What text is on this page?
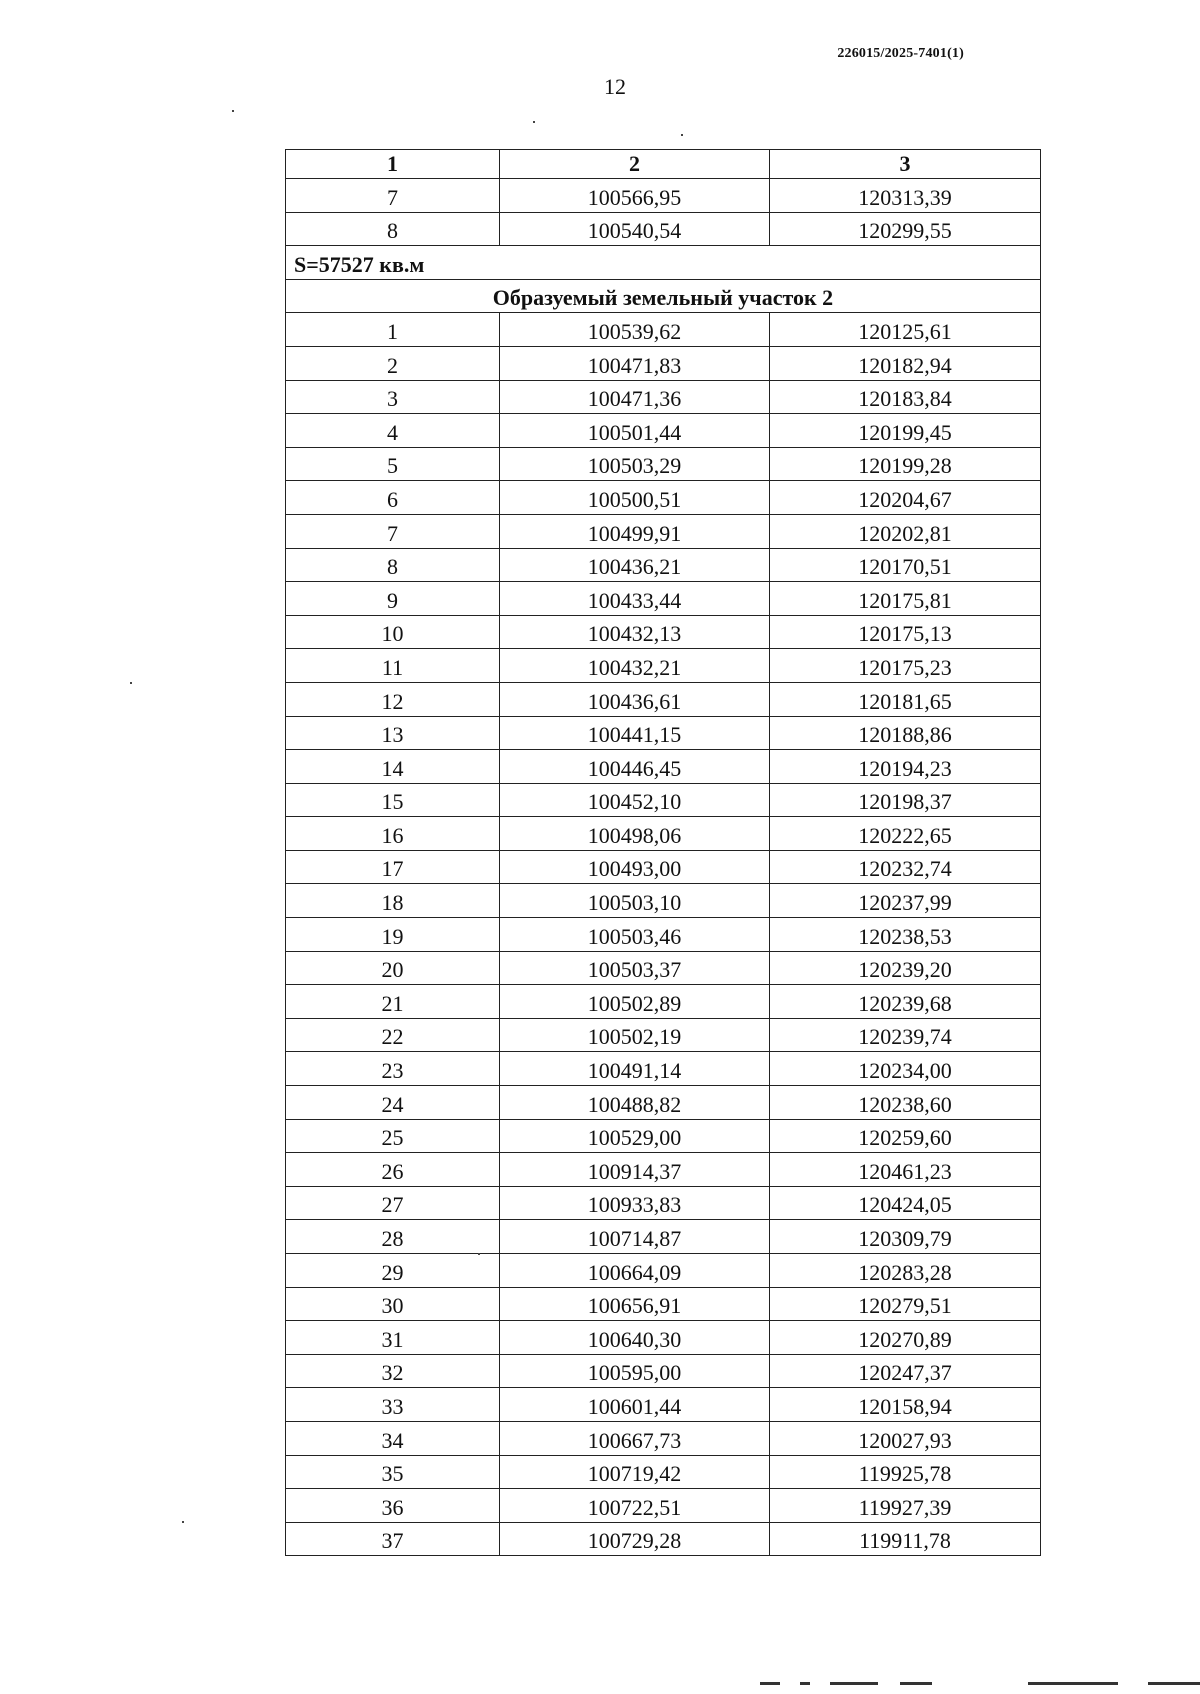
226015/2025-7401(1)
12
1	2	3
7	100566,95	120313,39
8	100540,54	120299,55
S=57527 кв.м		
Образуемый земельный участок 2		
1	100539,62	120125,61
2	100471,83	120182,94
3	100471,36	120183,84
4	100501,44	120199,45
5	100503,29	120199,28
6	100500,51	120204,67
7	100499,91	120202,81
8	100436,21	120170,51
9	100433,44	120175,81
10	100432,13	120175,13
11	100432,21	120175,23
12	100436,61	120181,65
13	100441,15	120188,86
14	100446,45	120194,23
15	100452,10	120198,37
16	100498,06	120222,65
17	100493,00	120232,74
18	100503,10	120237,99
19	100503,46	120238,53
20	100503,37	120239,20
21	100502,89	120239,68
22	100502,19	120239,74
23	100491,14	120234,00
24	100488,82	120238,60
25	100529,00	120259,60
26	100914,37	120461,23
27	100933,83	120424,05
28	100714,87	120309,79
29	100664,09	120283,28
30	100656,91	120279,51
31	100640,30	120270,89
32	100595,00	120247,37
33	100601,44	120158,94
34	100667,73	120027,93
35	100719,42	119925,78
36	100722,51	119927,39
37	100729,28	119911,78
